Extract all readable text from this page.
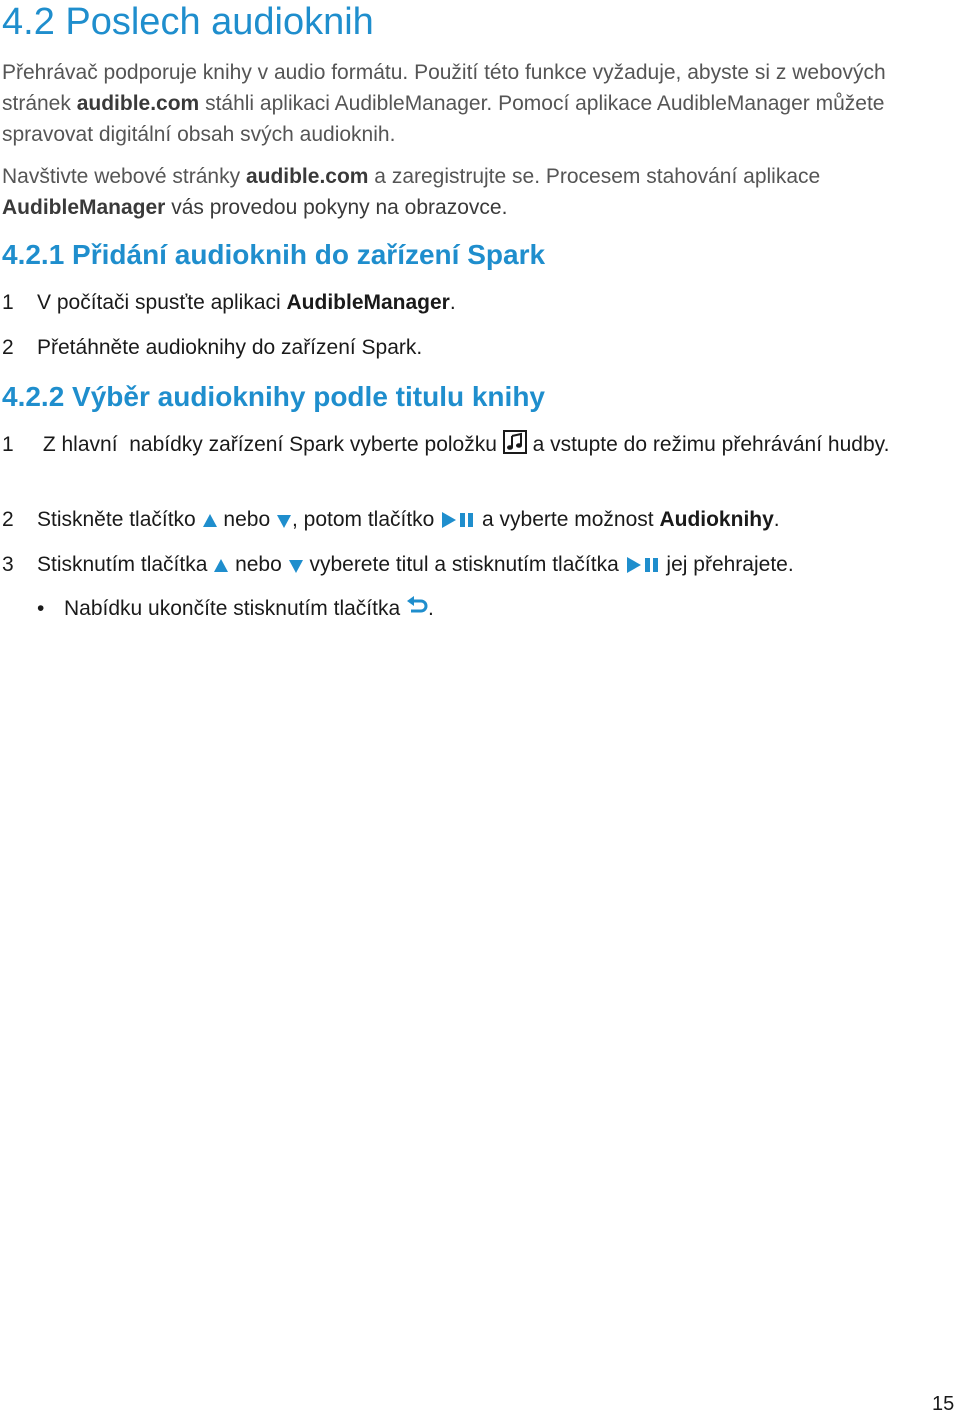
4.2 Poslech audioknih

Přehrávač podporuje knihy v audio formátu. Použití této funkce vyžaduje, abyste si z webových stránek audible.com stáhli aplikaci AudibleManager. Pomocí aplikace AudibleManager můžete spravovat digitální obsah svých audioknih.

Navštivte webové stránky audible.com a zaregistrujte se. Procesem stahování aplikace AudibleManager vás provedou pokyny na obrazovce.

4.2.1 Přidání audioknih do zařízení Spark

1 V počítači spusťte aplikaci AudibleManager.

2 Přetáhněte audioknihy do zařízení Spark.

4.2.2 Výběr audioknihy podle titulu knihy

1 Z hlavní  nabídky zařízení Spark vyberte položku
a vstupte do režimu přehrávání hudby.

2 Stiskněte tlačítko
nebo
, potom tlačítko
a vyberte možnost Audioknihy.

3 Stisknutím tlačítka
nebo
vyberete titul a stisknutím tlačítka
jej přehrajete.

• Nabídku ukončíte stisknutím tlačítka
.

15
